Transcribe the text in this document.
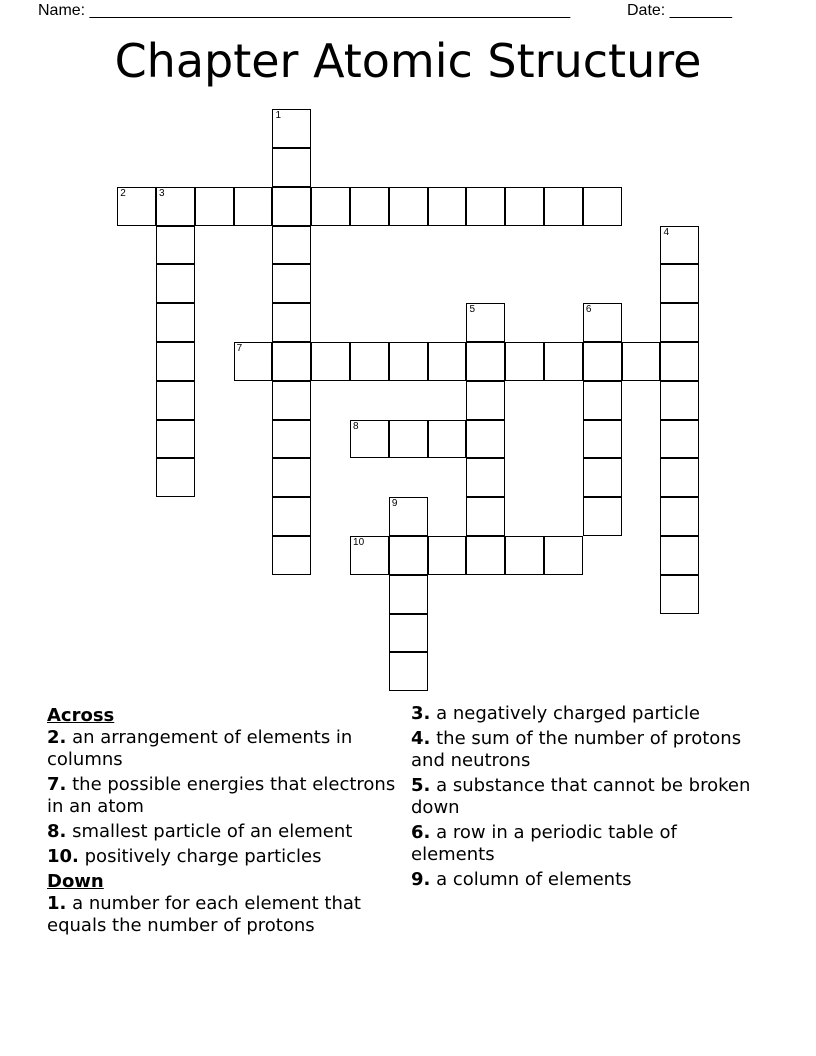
Name: ______________________________________________________	Date: _______
Chapter Atomic Structure
1
2	3
4
5	6
7
8
9
10
Across
2. an arrangement of elements in columns
7. the possible energies that electrons in an atom
8. smallest particle of an element
10. positively charge particles
Down
1. a number for each element that equals the number of protons
3. a negatively charged particle
4. the sum of the number of protons and neutrons
5. a substance that cannot be broken down
6. a row in a periodic table of elements
9. a column of elements
